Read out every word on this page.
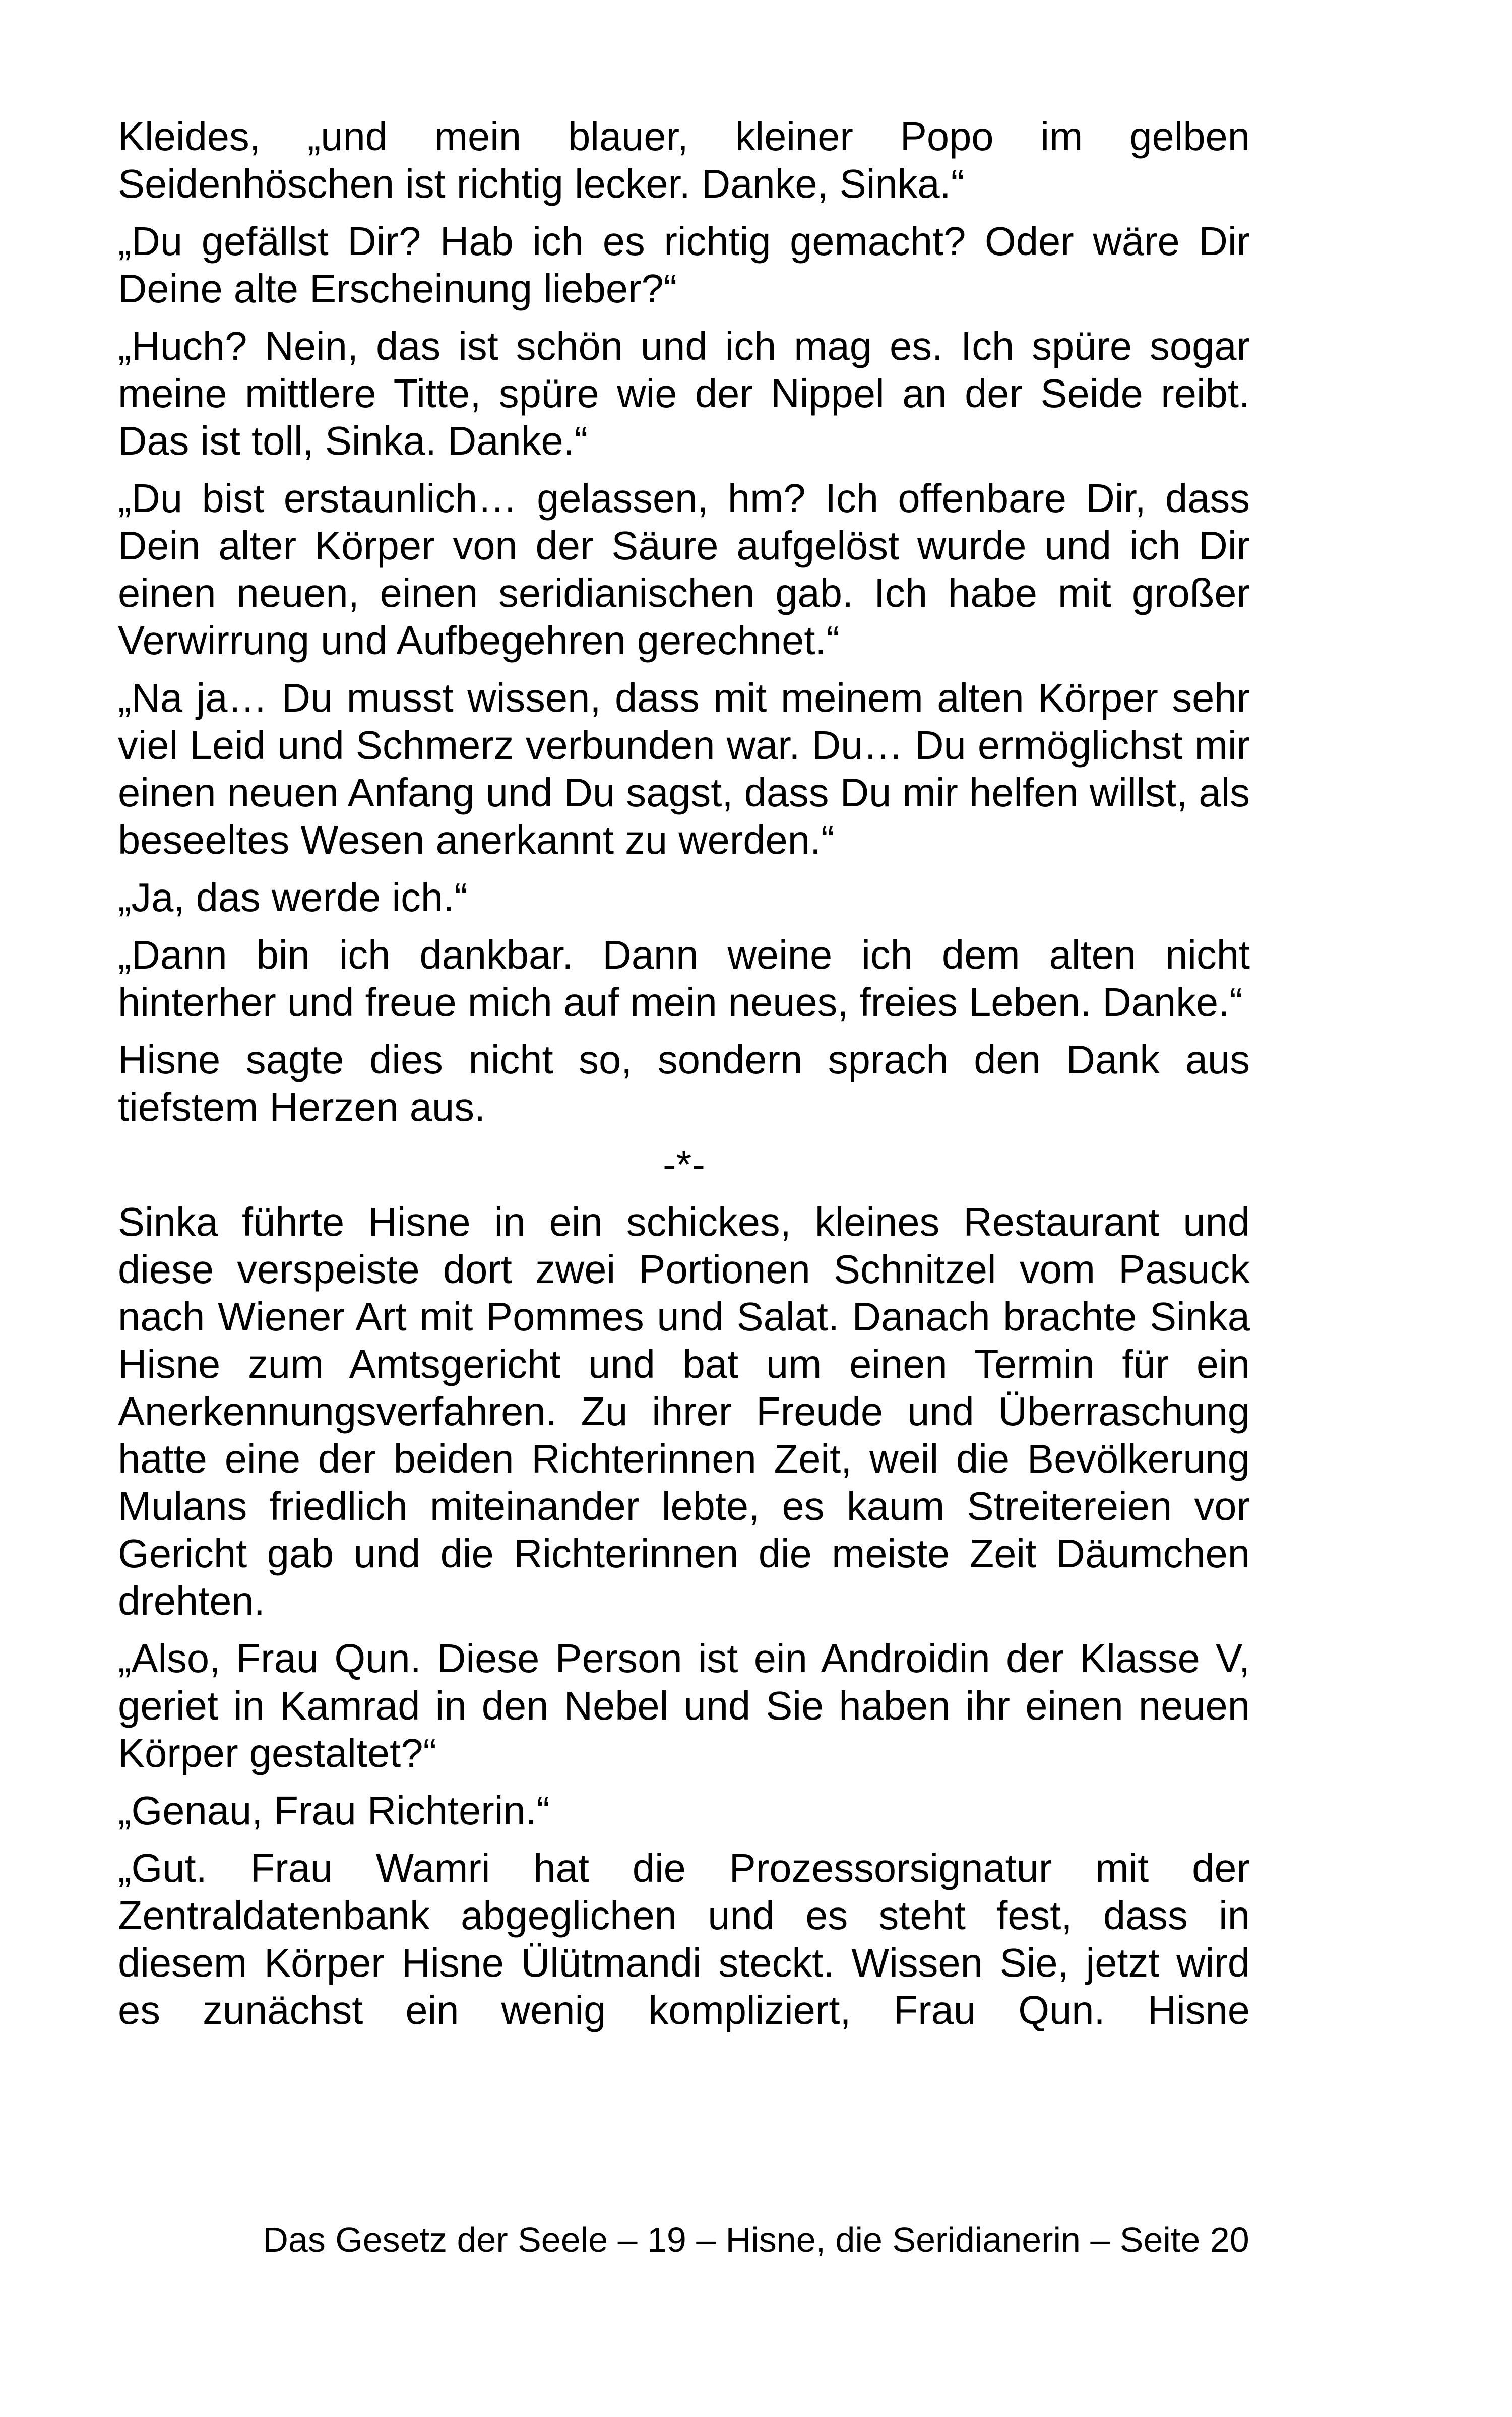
Kleides, „und mein blauer, kleiner Popo im gelben Seidenhöschen ist richtig lecker. Danke, Sinka.“

„Du gefällst Dir? Hab ich es richtig gemacht? Oder wäre Dir Deine alte Erscheinung lieber?“

„Huch? Nein, das ist schön und ich mag es. Ich spüre sogar meine mittlere Titte, spüre wie der Nippel an der Seide reibt. Das ist toll, Sinka. Danke.“

„Du bist erstaunlich… gelassen, hm? Ich offenbare Dir, dass Dein alter Körper von der Säure aufgelöst wurde und ich Dir einen neuen, einen seridianischen gab. Ich habe mit großer Verwirrung und Aufbegehren gerechnet.“

„Na ja… Du musst wissen, dass mit meinem alten Körper sehr viel Leid und Schmerz verbunden war. Du… Du ermöglichst mir einen neuen Anfang und Du sagst, dass Du mir helfen willst, als beseeltes Wesen anerkannt zu werden.“

„Ja, das werde ich.“

„Dann bin ich dankbar. Dann weine ich dem alten nicht hinterher und freue mich auf mein neues, freies Leben. Danke.“

Hisne sagte dies nicht so, sondern sprach den Dank aus tiefstem Herzen aus.

-*-

Sinka führte Hisne in ein schickes, kleines Restaurant und diese verspeiste dort zwei Portionen Schnitzel vom Pasuck nach Wiener Art mit Pommes und Salat. Danach brachte Sinka Hisne zum Amtsgericht und bat um einen Termin für ein Anerkennungsverfahren. Zu ihrer Freude und Überraschung hatte eine der beiden Richterinnen Zeit, weil die Bevölkerung Mulans friedlich miteinander lebte, es kaum Streitereien vor Gericht gab und die Richterinnen die meiste Zeit Däumchen drehten.

„Also, Frau Qun. Diese Person ist ein Androidin der Klasse V, geriet in Kamrad in den Nebel und Sie haben ihr einen neuen Körper gestaltet?“

„Genau, Frau Richterin.“

„Gut. Frau Wamri hat die Prozessorsignatur mit der Zentraldatenbank abgeglichen und es steht fest, dass in diesem Körper Hisne Ülütmandi steckt. Wissen Sie, jetzt wird es zunächst ein wenig kompliziert, Frau Qun. Hisne

Das Gesetz der Seele – 19 – Hisne, die Seridianerin – Seite 20
